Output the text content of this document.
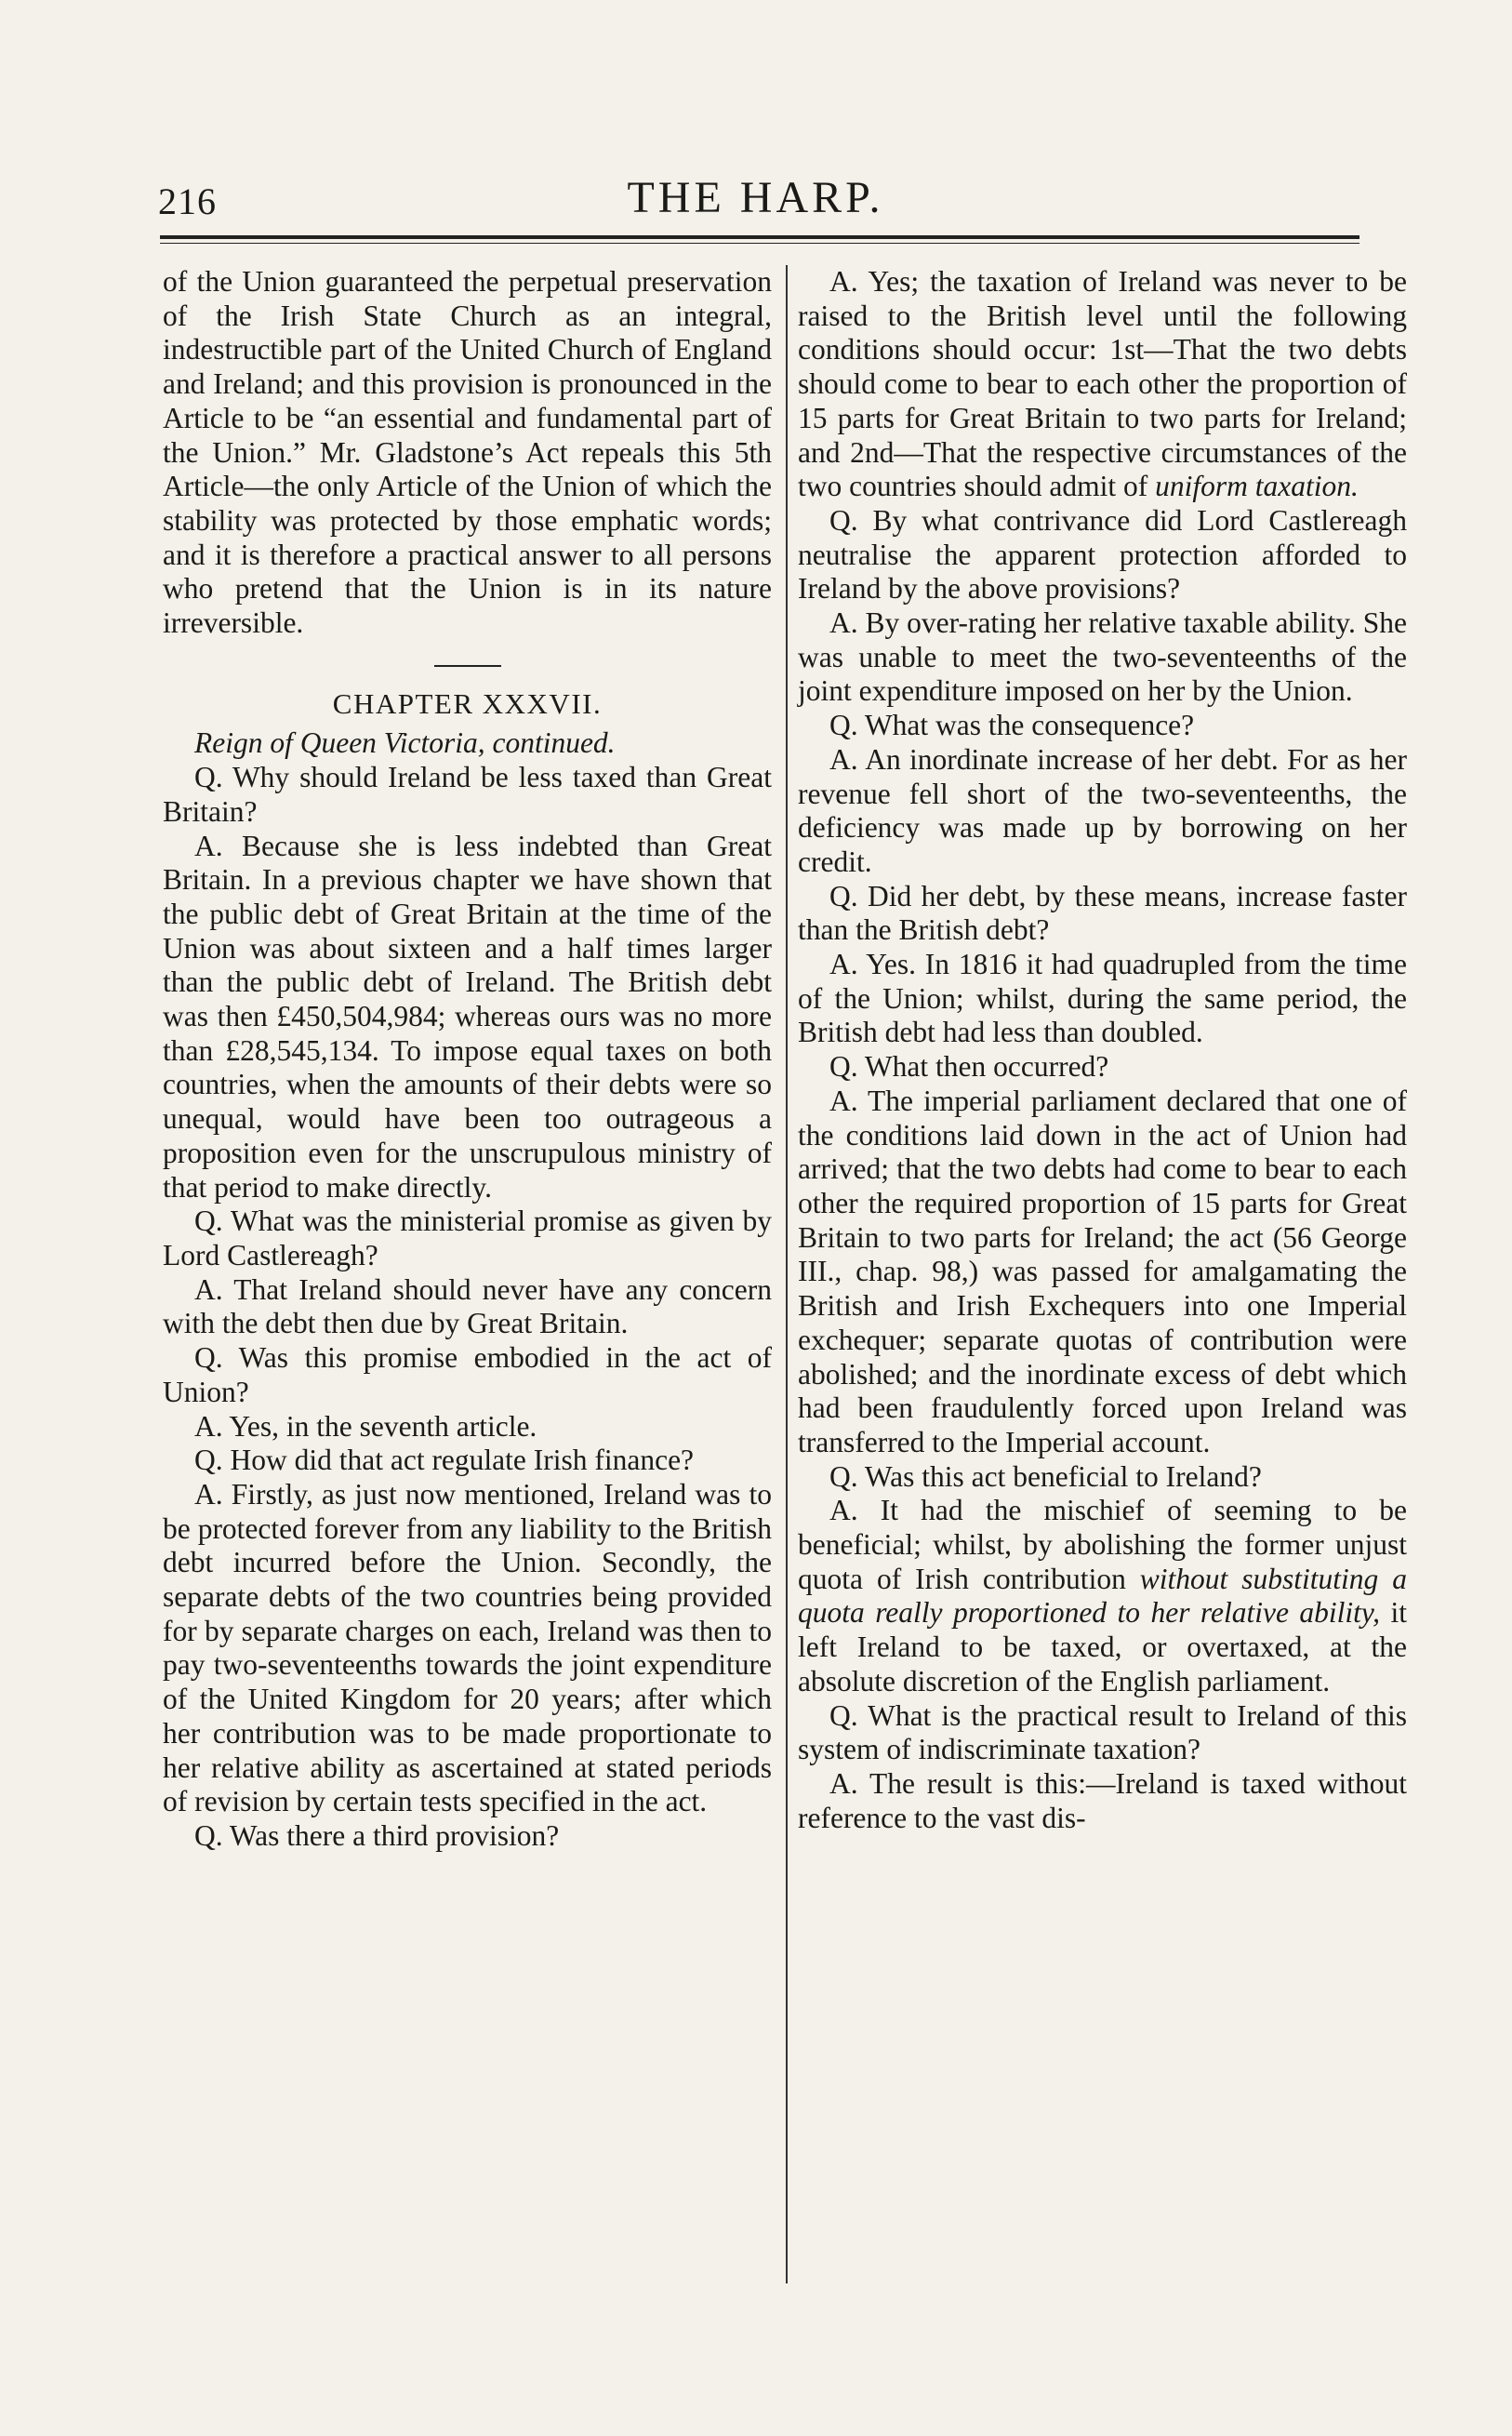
216	THE HARP.

of the Union guaranteed the perpetual preservation of the Irish State Church as an integral, indestructible part of the United Church of England and Ireland; and this provision is pronounced in the Article to be “an essential and fundamental part of the Union.” Mr. Gladstone’s Act repeals this 5th Article—the only Article of the Union of which the stability was protected by those emphatic words; and it is therefore a practical answer to all persons who pretend that the Union is in its nature irreversible.

CHAPTER XXXVII.

Reign of Queen Victoria, continued.

Q. Why should Ireland be less taxed than Great Britain?

A. Because she is less indebted than Great Britain. In a previous chapter we have shown that the public debt of Great Britain at the time of the Union was about sixteen and a half times larger than the public debt of Ireland. The British debt was then £450,504,984; whereas ours was no more than £28,545,134. To impose equal taxes on both countries, when the amounts of their debts were so unequal, would have been too outrageous a proposition even for the unscrupulous ministry of that period to make directly.

Q. What was the ministerial promise as given by Lord Castlereagh?

A. That Ireland should never have any concern with the debt then due by Great Britain.

Q. Was this promise embodied in the act of Union?

A. Yes, in the seventh article.

Q. How did that act regulate Irish finance?

A. Firstly, as just now mentioned, Ireland was to be protected forever from any liability to the British debt incurred before the Union. Secondly, the separate debts of the two countries being provided for by separate charges on each, Ireland was then to pay two-seventeenths towards the joint expenditure of the United Kingdom for 20 years; after which her contribution was to be made proportionate to her relative ability as ascertained at stated periods of revision by certain tests specified in the act.

Q. Was there a third provision?

A. Yes; the taxation of Ireland was never to be raised to the British level until the following conditions should occur: 1st—That the two debts should come to bear to each other the proportion of 15 parts for Great Britain to two parts for Ireland; and 2nd—That the respective circumstances of the two countries should admit of uniform taxation.

Q. By what contrivance did Lord Castlereagh neutralise the apparent protection afforded to Ireland by the above provisions?

A. By over-rating her relative taxable ability. She was unable to meet the two-seventeenths of the joint expenditure imposed on her by the Union.

Q. What was the consequence?

A. An inordinate increase of her debt. For as her revenue fell short of the two-seventeenths, the deficiency was made up by borrowing on her credit.

Q. Did her debt, by these means, increase faster than the British debt?

A. Yes. In 1816 it had quadrupled from the time of the Union; whilst, during the same period, the British debt had less than doubled.

Q. What then occurred?

A. The imperial parliament declared that one of the conditions laid down in the act of Union had arrived; that the two debts had come to bear to each other the required proportion of 15 parts for Great Britain to two parts for Ireland; the act (56 George III., chap. 98,) was passed for amalgamating the British and Irish Exchequers into one Imperial exchequer; separate quotas of contribution were abolished; and the inordinate excess of debt which had been fraudulently forced upon Ireland was transferred to the Imperial account.

Q. Was this act beneficial to Ireland?

A. It had the mischief of seeming to be beneficial; whilst, by abolishing the former unjust quota of Irish contribution without substituting a quota really proportioned to her relative ability, it left Ireland to be taxed, or overtaxed, at the absolute discretion of the English parliament.

Q. What is the practical result to Ireland of this system of indiscriminate taxation?

A. The result is this:—Ireland is taxed without reference to the vast dis-
